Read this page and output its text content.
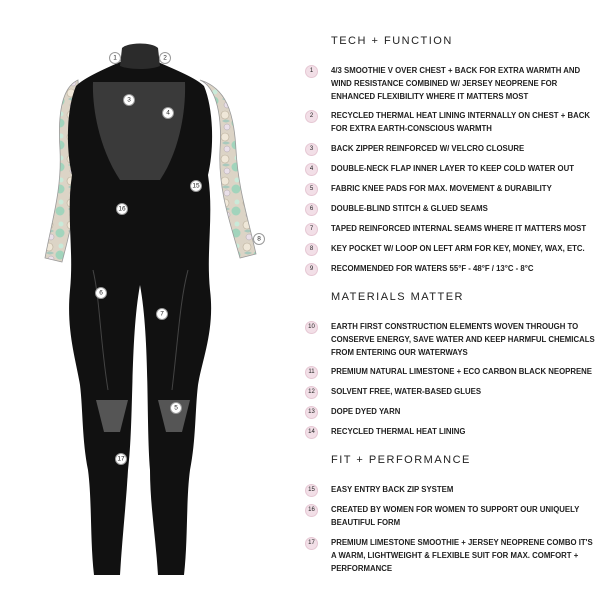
1	2
3
4
15
16
8
6
7
5
17
TECH + FUNCTION
1	4/3 SMOOTHIE V OVER CHEST + BACK FOR EXTRA WARMTH AND WIND RESISTANCE COMBINED W/ JERSEY NEOPRENE FOR ENHANCED FLEXIBILITY WHERE IT MATTERS MOST
2	RECYCLED THERMAL HEAT LINING INTERNALLY ON CHEST + BACK FOR EXTRA EARTH-CONSCIOUS WARMTH
3	BACK ZIPPER REINFORCED W/ VELCRO CLOSURE
4	DOUBLE-NECK FLAP INNER LAYER TO KEEP COLD WATER OUT
5	FABRIC KNEE PADS FOR MAX. MOVEMENT & DURABILITY
6	DOUBLE-BLIND STITCH & GLUED SEAMS
7	TAPED REINFORCED INTERNAL SEAMS WHERE IT MATTERS MOST
8	KEY POCKET W/ LOOP ON LEFT ARM FOR KEY, MONEY, WAX, ETC.
9	RECOMMENDED FOR WATERS 55°F - 48°F / 13°C - 8°C
MATERIALS MATTER
10	EARTH FIRST CONSTRUCTION ELEMENTS WOVEN THROUGH TO CONSERVE ENERGY, SAVE WATER AND KEEP HARMFUL CHEMICALS FROM ENTERING OUR WATERWAYS
11	PREMIUM NATURAL LIMESTONE + ECO CARBON BLACK NEOPRENE
12	SOLVENT FREE, WATER-BASED GLUES
13	DOPE DYED YARN
14	RECYCLED THERMAL HEAT LINING
FIT + PERFORMANCE
15	EASY ENTRY BACK ZIP SYSTEM
16	CREATED BY WOMEN FOR WOMEN TO SUPPORT OUR UNIQUELY BEAUTIFUL FORM
17	PREMIUM LIMESTONE SMOOTHIE + JERSEY NEOPRENE COMBO IT'S A WARM, LIGHTWEIGHT & FLEXIBLE SUIT FOR MAX. COMFORT + PERFORMANCE
